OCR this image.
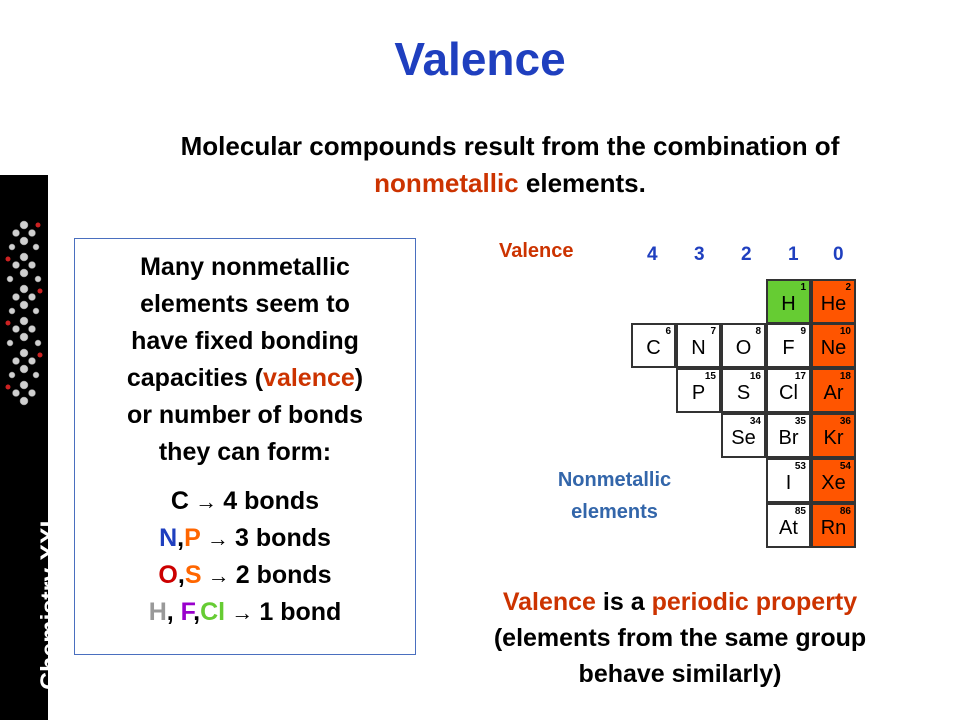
Chemistry XXI
Valence
Molecular compounds result from the combination of
nonmetallic elements.
Many nonmetallic
elements seem to
have fixed bonding
capacities (valence)
or number of bonds
they can form:
C → 4 bonds
N,P → 3 bonds
O,S → 2 bonds
H, F,Cl → 1 bond
Valence	4 3 2 1 0
1
H
2
He
6
C
7
N
8
O
9
F
10
Ne
15
P
16
S
17
Cl
18
Ar
34
Se
35
Br
36
Kr
53
I
54
Xe
85
At
86
Rn
Nonmetallic
elements
Valence is a periodic property
(elements from the same group
behave similarly)
